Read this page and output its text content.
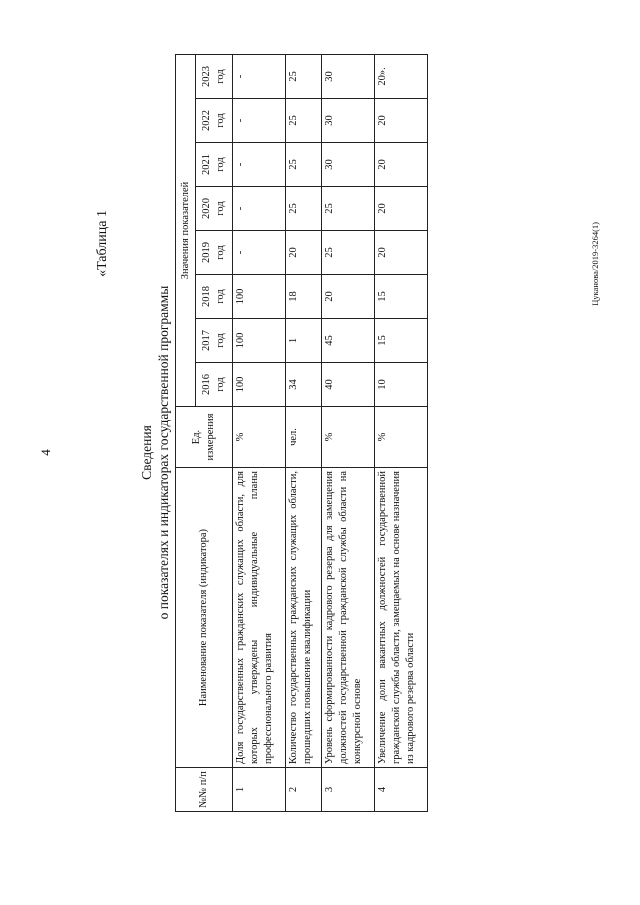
4
«Таблица 1	Цуканова/2019-3264(1)
Сведения о показателях и индикаторах государственной программы
№№ п/п	Наименование показателя (индикатора)	Ед. измерения	Значения показателей							
			2016 год	2017 год	2018 год	2019 год	2020 год	2021 год	2022 год	2023 год
1	Доля государственных гражданских служащих области, для которых утверждены индивидуальные планы профессионального развития	%	100	100	100	-	-	-	-	-
2	Количество государственных гражданских служащих области, прошедших повышение квалификации	чел.	34	1	18	20	25	25	25	25
3	Уровень сформированности кадрового резерва для замещения должностей государственной гражданской службы области на конкурсной основе	%	40	45	20	25	25	30	30	30
4	Увеличение доли вакантных должностей государственной гражданской службы области, замещаемых на основе назначения из кадрового резерва области	%	10	15	15	20	20	20	20	20».
